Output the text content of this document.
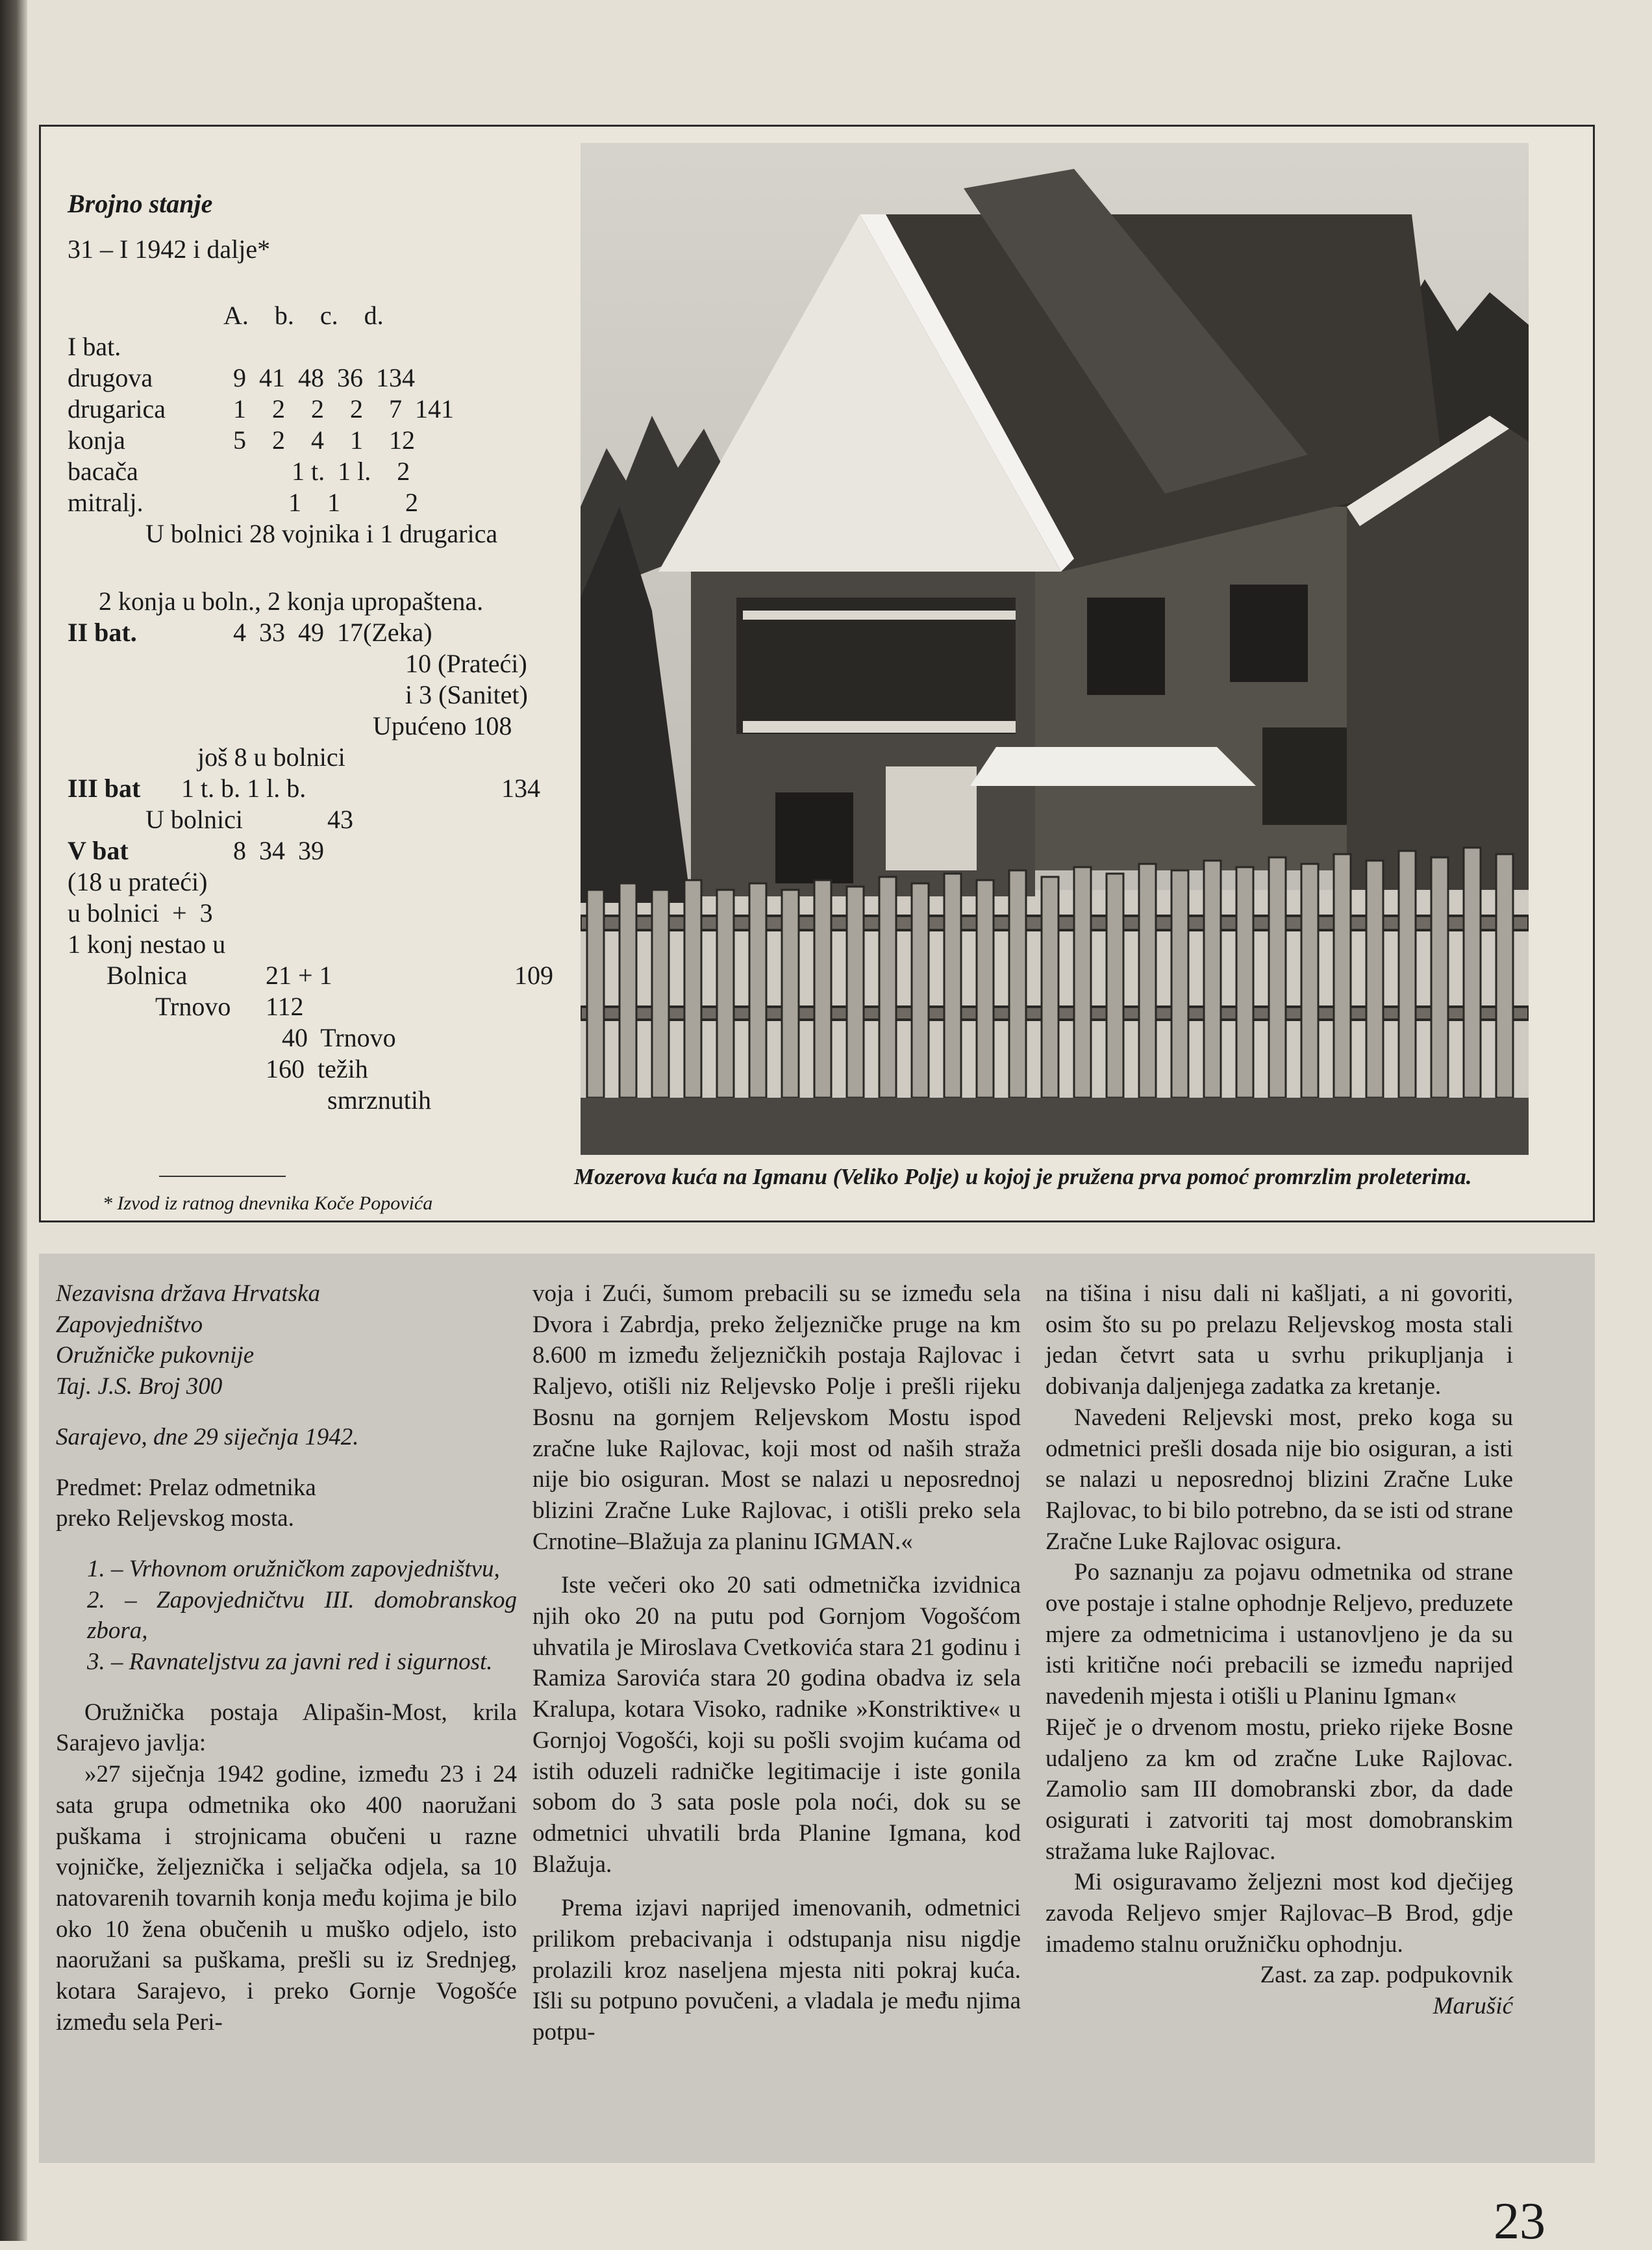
Brojno stanje
31 – I 1942 i dalje*
A.    b.    c.    d.
I bat.
drugova	9  41  48  36  134
drugarica	1    2    2    2    7  141
konja	5    2    4    1    12
bacača	1 t.  1 l.    2
mitralj.	1    1          2
U bolnici 28 vojnika i 1 drugarica
2 konja u boln., 2 konja upropaštena.
II bat.	4  33  49  17(Zeka)
10 (Prateći)
i 3 (Sanitet)
Upućeno 108
još 8 u bolnici
III bat 1 t. b. 1 l. b.	134
U bolnici	43
V bat	8  34  39
(18 u prateći)
u bolnici  +  3
1 konj nestao u
Bolnica	21 + 1	109
Trnovo 112
40  Trnovo
160  težih
smrznutih
* Izvod iz ratnog dnevnika Koče Popovića
Mozerova kuća na Igmanu (Veliko Polje) u kojoj je pružena prva pomoć promrzlim proleterima.

Nezavisna država Hrvatska

Zapovjedništvo

Oružničke pukovnije

Taj. J.S. Broj 300

Sarajevo, dne 29 siječnja 1942.

Predmet: Prelaz odmetnika

preko Reljevskog mosta.

1. – Vrhovnom oružničkom zapovjedništvu,

2. – Zapovjedničtvu III. domobranskog zbora,

3. – Ravnateljstvu za javni red i sigurnost.

Oružnička postaja Alipašin-Most, krila Sarajevo javlja:

»27 siječnja 1942 godine, između 23 i 24 sata grupa odmetnika oko 400 naoružani puškama i strojnicama obučeni u razne vojničke, željeznička i seljačka odjela, sa 10 natovarenih tovarnih konja među kojima je bilo oko 10 žena obučenih u muško odjelo, isto naoružani sa puškama, prešli su iz Srednjeg, kotara Sarajevo, i preko Gornje Vogošće između sela Peri-

voja i Zući, šumom prebacili su se između sela Dvora i Zabrdja, preko željezničke pruge na km 8.600 m između željezničkih postaja Rajlovac i Raljevo, otišli niz Reljevsko Polje i prešli rijeku Bosnu na gornjem Reljevskom Mostu ispod zračne luke Rajlovac, koji most od naših straža nije bio osiguran. Most se nalazi u neposrednoj blizini Zračne Luke Rajlovac, i otišli preko sela Crnotine–Blažuja za planinu IGMAN.«

Iste večeri oko 20 sati odmetnička izvidnica njih oko 20 na putu pod Gornjom Vogošćom uhvatila je Miroslava Cvetkovića stara 21 godinu i Ramiza Sarovića stara 20 godina obadva iz sela Kralupa, kotara Visoko, radnike »Konstriktive« u Gornjoj Vogošći, koji su pošli svojim kućama od istih oduzeli radničke legitimacije i iste gonila sobom do 3 sata posle pola noći, dok su se odmetnici uhvatili brda Planine Igmana, kod Blažuja.

Prema izjavi naprijed imenovanih, odmetnici prilikom prebacivanja i odstupanja nisu nigdje prolazili kroz naseljena mjesta niti pokraj kuća. Išli su potpuno povučeni, a vladala je među njima potpu-

na tišina i nisu dali ni kašljati, a ni govoriti, osim što su po prelazu Reljevskog mosta stali jedan četvrt sata u svrhu prikupljanja i dobivanja daljenjega zadatka za kretanje.

Navedeni Reljevski most, preko koga su odmetnici prešli dosada nije bio osiguran, a isti se nalazi u neposrednoj blizini Zračne Luke Rajlovac, to bi bilo potrebno, da se isti od strane Zračne Luke Rajlovac osigura.

Po saznanju za pojavu odmetnika od strane ove postaje i stalne ophodnje Reljevo, preduzete mjere za odmetnicima i ustanovljeno je da su isti kritične noći prebacili se između naprijed navedenih mjesta i otišli u Planinu Igman«

Riječ je o drvenom mostu, prieko rijeke Bosne udaljeno za km od zračne Luke Rajlovac. Zamolio sam III domobranski zbor, da dade osigurati i zatvoriti taj most domobranskim stražama luke Rajlovac.

Mi osiguravamo željezni most kod dječijeg zavoda Reljevo smjer Rajlovac–B Brod, gdje imademo stalnu oružničku ophodnju.

Zast. za zap. podpukovnik

Marušić

23
